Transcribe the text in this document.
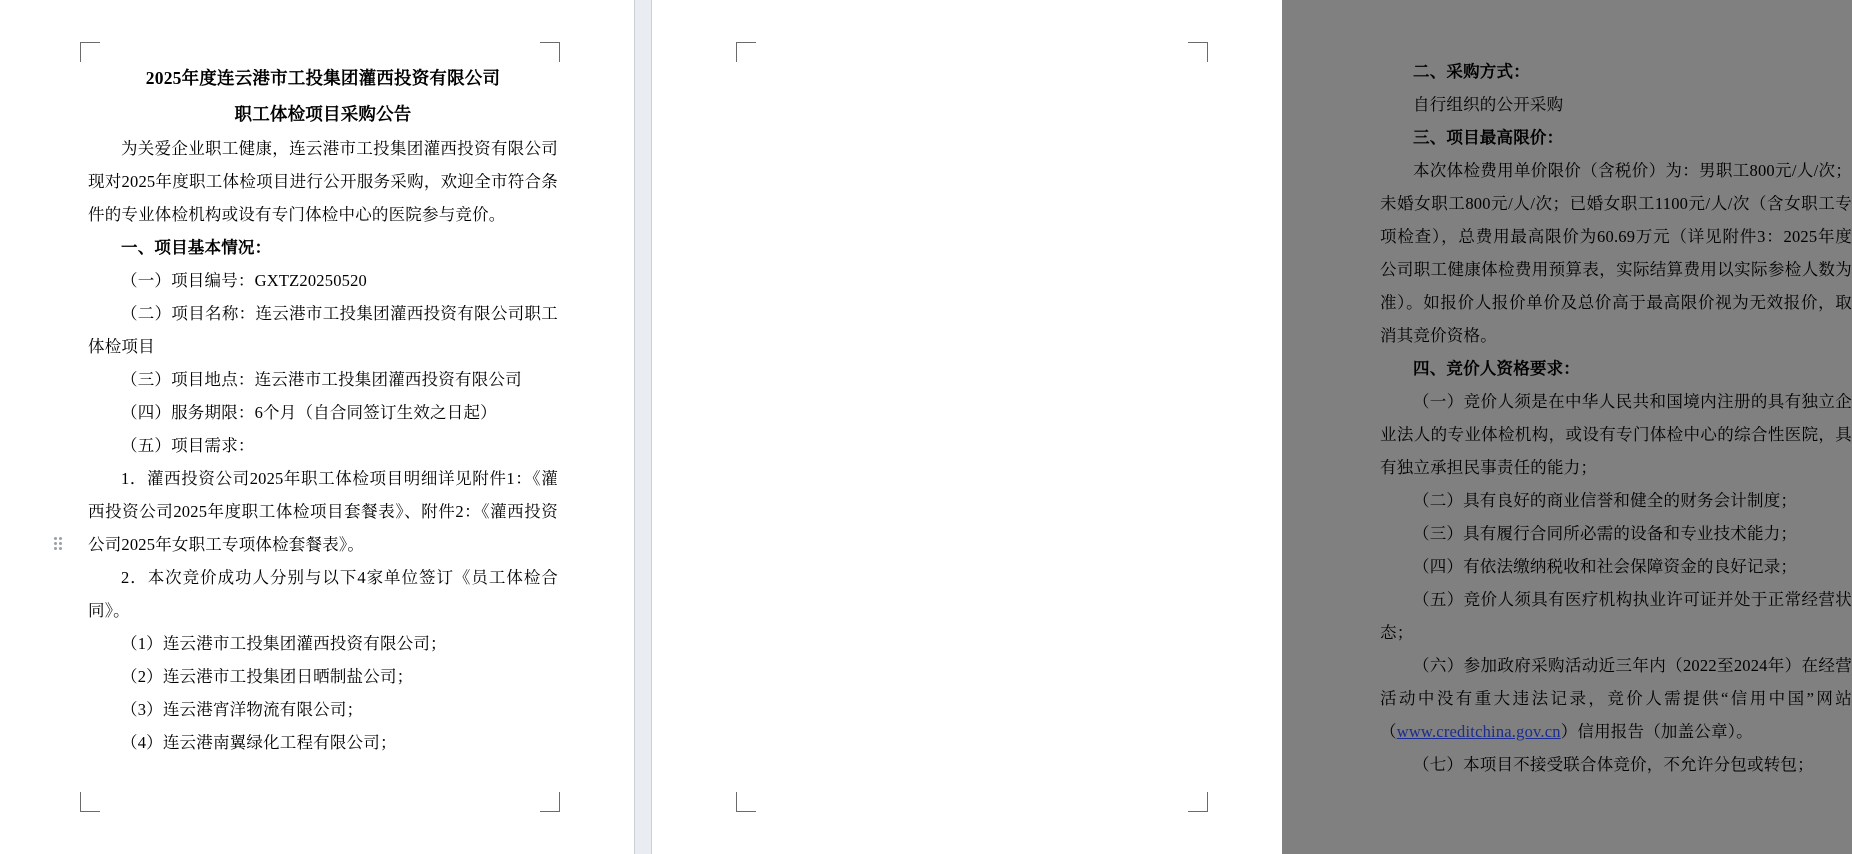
2025年度连云港市工投集团灌西投资有限公司

职工体检项目采购公告

为关爱企业职工健康，连云港市工投集团灌西投资有限公司现对2025年度职工体检项目进行公开服务采购，欢迎全市符合条件的专业体检机构或设有专门体检中心的医院参与竞价。

一、项目基本情况：

（一）项目编号：GXTZ20250520

（二）项目名称：连云港市工投集团灌西投资有限公司职工体检项目

（三）项目地点：连云港市工投集团灌西投资有限公司

（四）服务期限：6个月（自合同签订生效之日起）

（五）项目需求：

1．灌西投资公司2025年职工体检项目明细详见附件1：《灌西投资公司2025年度职工体检项目套餐表》、附件2：《灌西投资公司2025年女职工专项体检套餐表》。

2．本次竞价成功人分别与以下4家单位签订《员工体检合同》。

（1）连云港市工投集团灌西投资有限公司；

（2）连云港市工投集团日晒制盐公司；

（3）连云港宵洋物流有限公司；

（4）连云港南翼绿化工程有限公司；

二、采购方式：

自行组织的公开采购

三、项目最高限价：

本次体检费用单价限价（含税价）为：男职工800元/人/次；未婚女职工800元/人/次；已婚女职工1100元/人/次（含女职工专项检查），总费用最高限价为60.69万元（详见附件3：2025年度公司职工健康体检费用预算表，实际结算费用以实际参检人数为准）。如报价人报价单价及总价高于最高限价视为无效报价，取消其竞价资格。

四、竞价人资格要求：

（一）竞价人须是在中华人民共和国境内注册的具有独立企业法人的专业体检机构，或设有专门体检中心的综合性医院，具有独立承担民事责任的能力；

（二）具有良好的商业信誉和健全的财务会计制度；

（三）具有履行合同所必需的设备和专业技术能力；

（四）有依法缴纳税收和社会保障资金的良好记录；

（五）竞价人须具有医疗机构执业许可证并处于正常经营状态；

（六）参加政府采购活动近三年内（2022至2024年）在经营活动中没有重大违法记录，竞价人需提供“信用中国”网站（www.creditchina.gov.cn）信用报告（加盖公章）。

（七）本项目不接受联合体竞价，不允许分包或转包；
